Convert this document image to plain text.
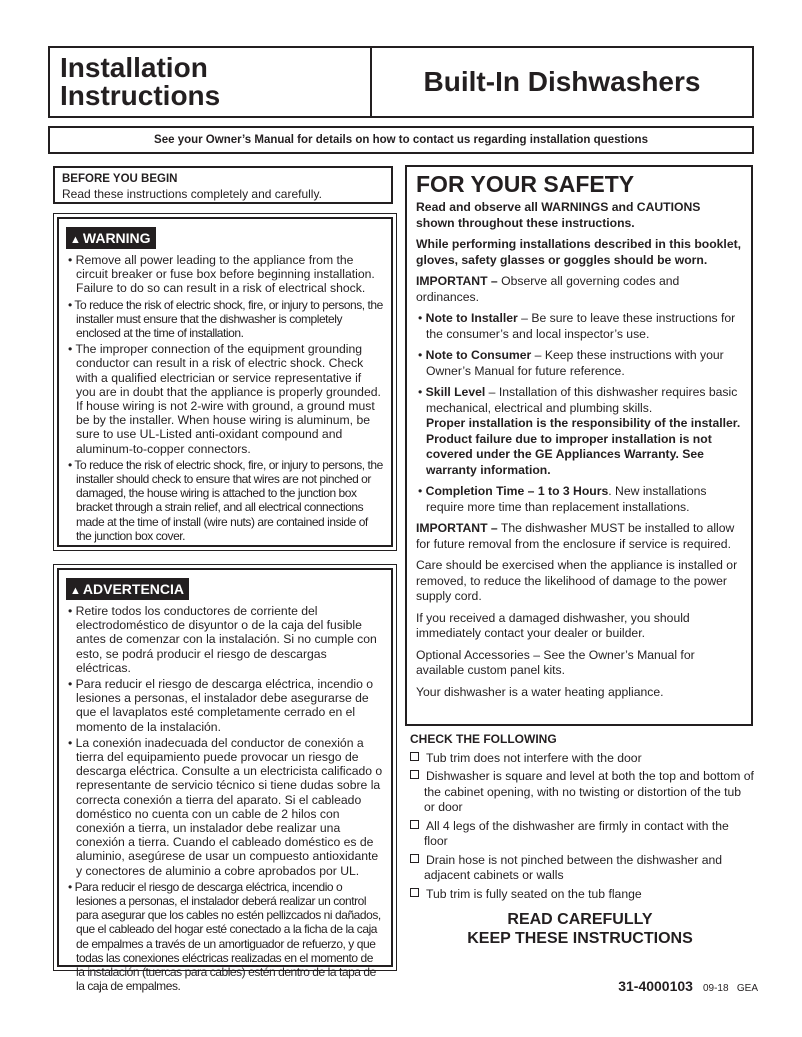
Installation
Instructions	Built-In Dishwashers
See your Owner’s Manual for details on how to contact us regarding installation questions
BEFORE YOU BEGIN
Read these instructions completely and carefully.
▲ WARNING
• Remove all power leading to the appliance from the circuit breaker or fuse box before beginning installation. Failure to do so can result in a risk of electrical shock.
• To reduce the risk of electric shock, fire, or injury to persons, the installer must ensure that the dishwasher is completely enclosed at the time of installation.
• The improper connection of the equipment grounding conductor can result in a risk of electric shock. Check with a qualified electrician or service representative if you are in doubt that the appliance is properly grounded. If house wiring is not 2-wire with ground, a ground must be by the installer. When house wiring is aluminum, be sure to use UL-Listed anti-oxidant compound and aluminum-to-copper connectors.
• To reduce the risk of electric shock, fire, or injury to persons, the installer should check to ensure that wires are not pinched or damaged, the house wiring is attached to the junction box bracket through a strain relief, and all electrical connections made at the time of install (wire nuts) are contained inside of the junction box cover.
▲ ADVERTENCIA
• Retire todos los conductores de corriente del electrodoméstico de disyuntor o de la caja del fusible antes de comenzar con la instalación. Si no cumple con esto, se podrá producir el riesgo de descargas eléctricas.
• Para reducir el riesgo de descarga eléctrica, incendio o lesiones a personas, el instalador debe asegurarse de que el lavaplatos esté completamente cerrado en el momento de la instalación.
• La conexión inadecuada del conductor de conexión a tierra del equipamiento puede provocar un riesgo de descarga eléctrica. Consulte a un electricista calificado o representante de servicio técnico si tiene dudas sobre la correcta conexión a tierra del aparato. Si el cableado doméstico no cuenta con un cable de 2 hilos con conexión a tierra, un instalador debe realizar una conexión a tierra. Cuando el cableado doméstico es de aluminio, asegúrese de usar un compuesto antioxidante y conectores de aluminio a cobre aprobados por UL.
• Para reducir el riesgo de descarga eléctrica, incendio o lesiones a personas, el instalador deberá realizar un control para asegurar que los cables no estén pellizcados ni dañados, que el cableado del hogar esté conectado a la ficha de la caja de empalmes a través de un amortiguador de refuerzo, y que todas las conexiones eléctricas realizadas en el momento de la instalación (tuercas para cables) estén dentro de la tapa de la caja de empalmes.
FOR YOUR SAFETY
Read and observe all WARNINGS and CAUTIONS shown throughout these instructions.
While performing installations described in this booklet, gloves, safety glasses or goggles should be worn.
IMPORTANT – Observe all governing codes and ordinances.
• Note to Installer – Be sure to leave these instructions for the consumer’s and local inspector’s use.
• Note to Consumer – Keep these instructions with your Owner’s Manual for future reference.
• Skill Level – Installation of this dishwasher requires basic mechanical, electrical and plumbing skills.
Proper installation is the responsibility of the installer. Product failure due to improper installation is not covered under the GE Appliances Warranty. See warranty information.
• Completion Time – 1 to 3 Hours. New installations require more time than replacement installations.
IMPORTANT – The dishwasher MUST be installed to allow for future removal from the enclosure if service is required.
Care should be exercised when the appliance is installed or removed, to reduce the likelihood of damage to the power supply cord.
If you received a damaged dishwasher, you should immediately contact your dealer or builder.
Optional Accessories – See the Owner’s Manual for available custom panel kits.
Your dishwasher is a water heating appliance.
CHECK THE FOLLOWING
Tub trim does not interfere with the door
Dishwasher is square and level at both the top and bottom of the cabinet opening, with no twisting or distortion of the tub or door
All 4 legs of the dishwasher are firmly in contact with the floor
Drain hose is not pinched between the dishwasher and adjacent cabinets or walls
Tub trim is fully seated on the tub flange
READ CAREFULLY
KEEP THESE INSTRUCTIONS
31-4000103 09-18 GEA
